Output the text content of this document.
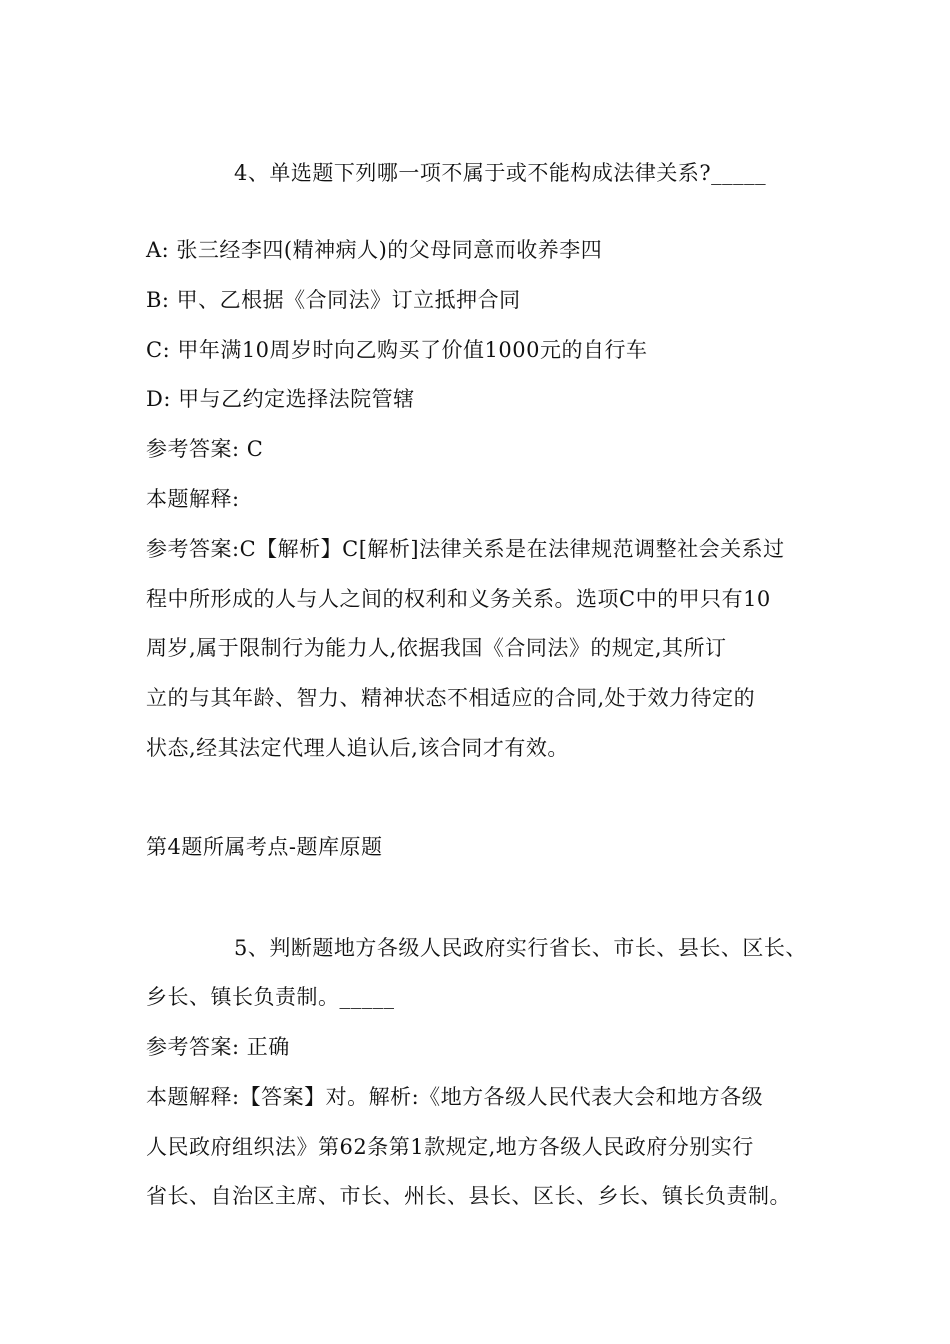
4、单选题下列哪一项不属于或不能构成法律关系?_____
A: 张三经李四(精神病人)的父母同意而收养李四
B: 甲、乙根据《合同法》订立抵押合同
C: 甲年满10周岁时向乙购买了价值1000元的自行车
D: 甲与乙约定选择法院管辖
参考答案: C
本题解释:
参考答案:C【解析】C[解析]法律关系是在法律规范调整社会关系过
程中所形成的人与人之间的权利和义务关系。选项C中的甲只有10
周岁,属于限制行为能力人,依据我国《合同法》的规定,其所订
立的与其年龄、智力、精神状态不相适应的合同,处于效力待定的
状态,经其法定代理人追认后,该合同才有效。
第4题所属考点-题库原题
5、判断题地方各级人民政府实行省长、市长、县长、区长、
乡长、镇长负责制。_____
参考答案: 正确
本题解释:【答案】对。解析:《地方各级人民代表大会和地方各级
人民政府组织法》第62条第1款规定,地方各级人民政府分别实行
省长、自治区主席、市长、州长、县长、区长、乡长、镇长负责制。
